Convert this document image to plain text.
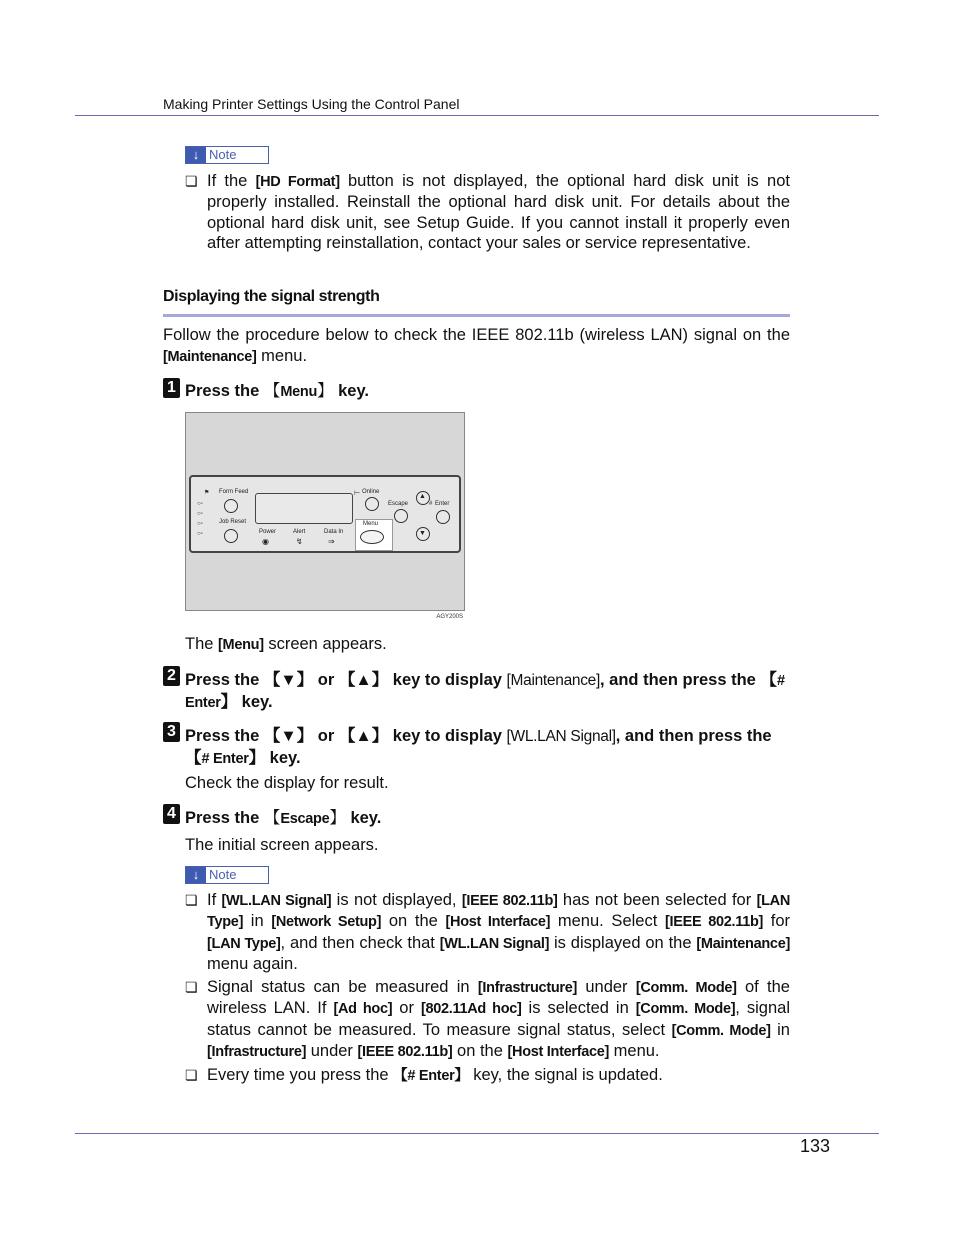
Making Printer Settings Using the Control Panel
↓ Note
❏ If the [HD Format] button is not displayed, the optional hard disk unit is not properly installed. Reinstall the optional hard disk unit. For details about the optional hard disk unit, see Setup Guide. If you cannot install it properly even after attempting reinstallation, contact your sales or service representative.
Displaying the signal strength
Follow the procedure below to check the IEEE 802.11b (wireless LAN) signal on the [Maintenance] menu.
1 Press the 【Menu】 key.
⚑ Form Feed
Job Reset
○▫
○▫
○▫
○▫	Power	Alert	Data In
◉	↯	⇒
⊢ Online
Escape
▲
# Enter
▼
Menu
AGY200S
The [Menu] screen appears.
2 Press the 【▼】 or 【▲】 key to display [Maintenance], and then press the 【# Enter】 key.
3 Press the 【▼】 or 【▲】 key to display [WL.LAN Signal], and then press the 【# Enter】 key.
Check the display for result.
4 Press the 【Escape】 key.
The initial screen appears.
↓ Note
❏ If [WL.LAN Signal] is not displayed, [IEEE 802.11b] has not been selected for [LAN Type] in [Network Setup] on the [Host Interface] menu. Select [IEEE 802.11b] for [LAN Type], and then check that [WL.LAN Signal] is displayed on the [Maintenance] menu again.
❏ Signal status can be measured in [Infrastructure] under [Comm. Mode] of the wireless LAN. If [Ad hoc] or [802.11Ad hoc] is selected in [Comm. Mode], signal status cannot be measured. To measure signal status, select [Comm. Mode] in [Infrastructure] under [IEEE 802.11b] on the [Host Interface] menu.
❏ Every time you press the 【# Enter】 key, the signal is updated.
133
